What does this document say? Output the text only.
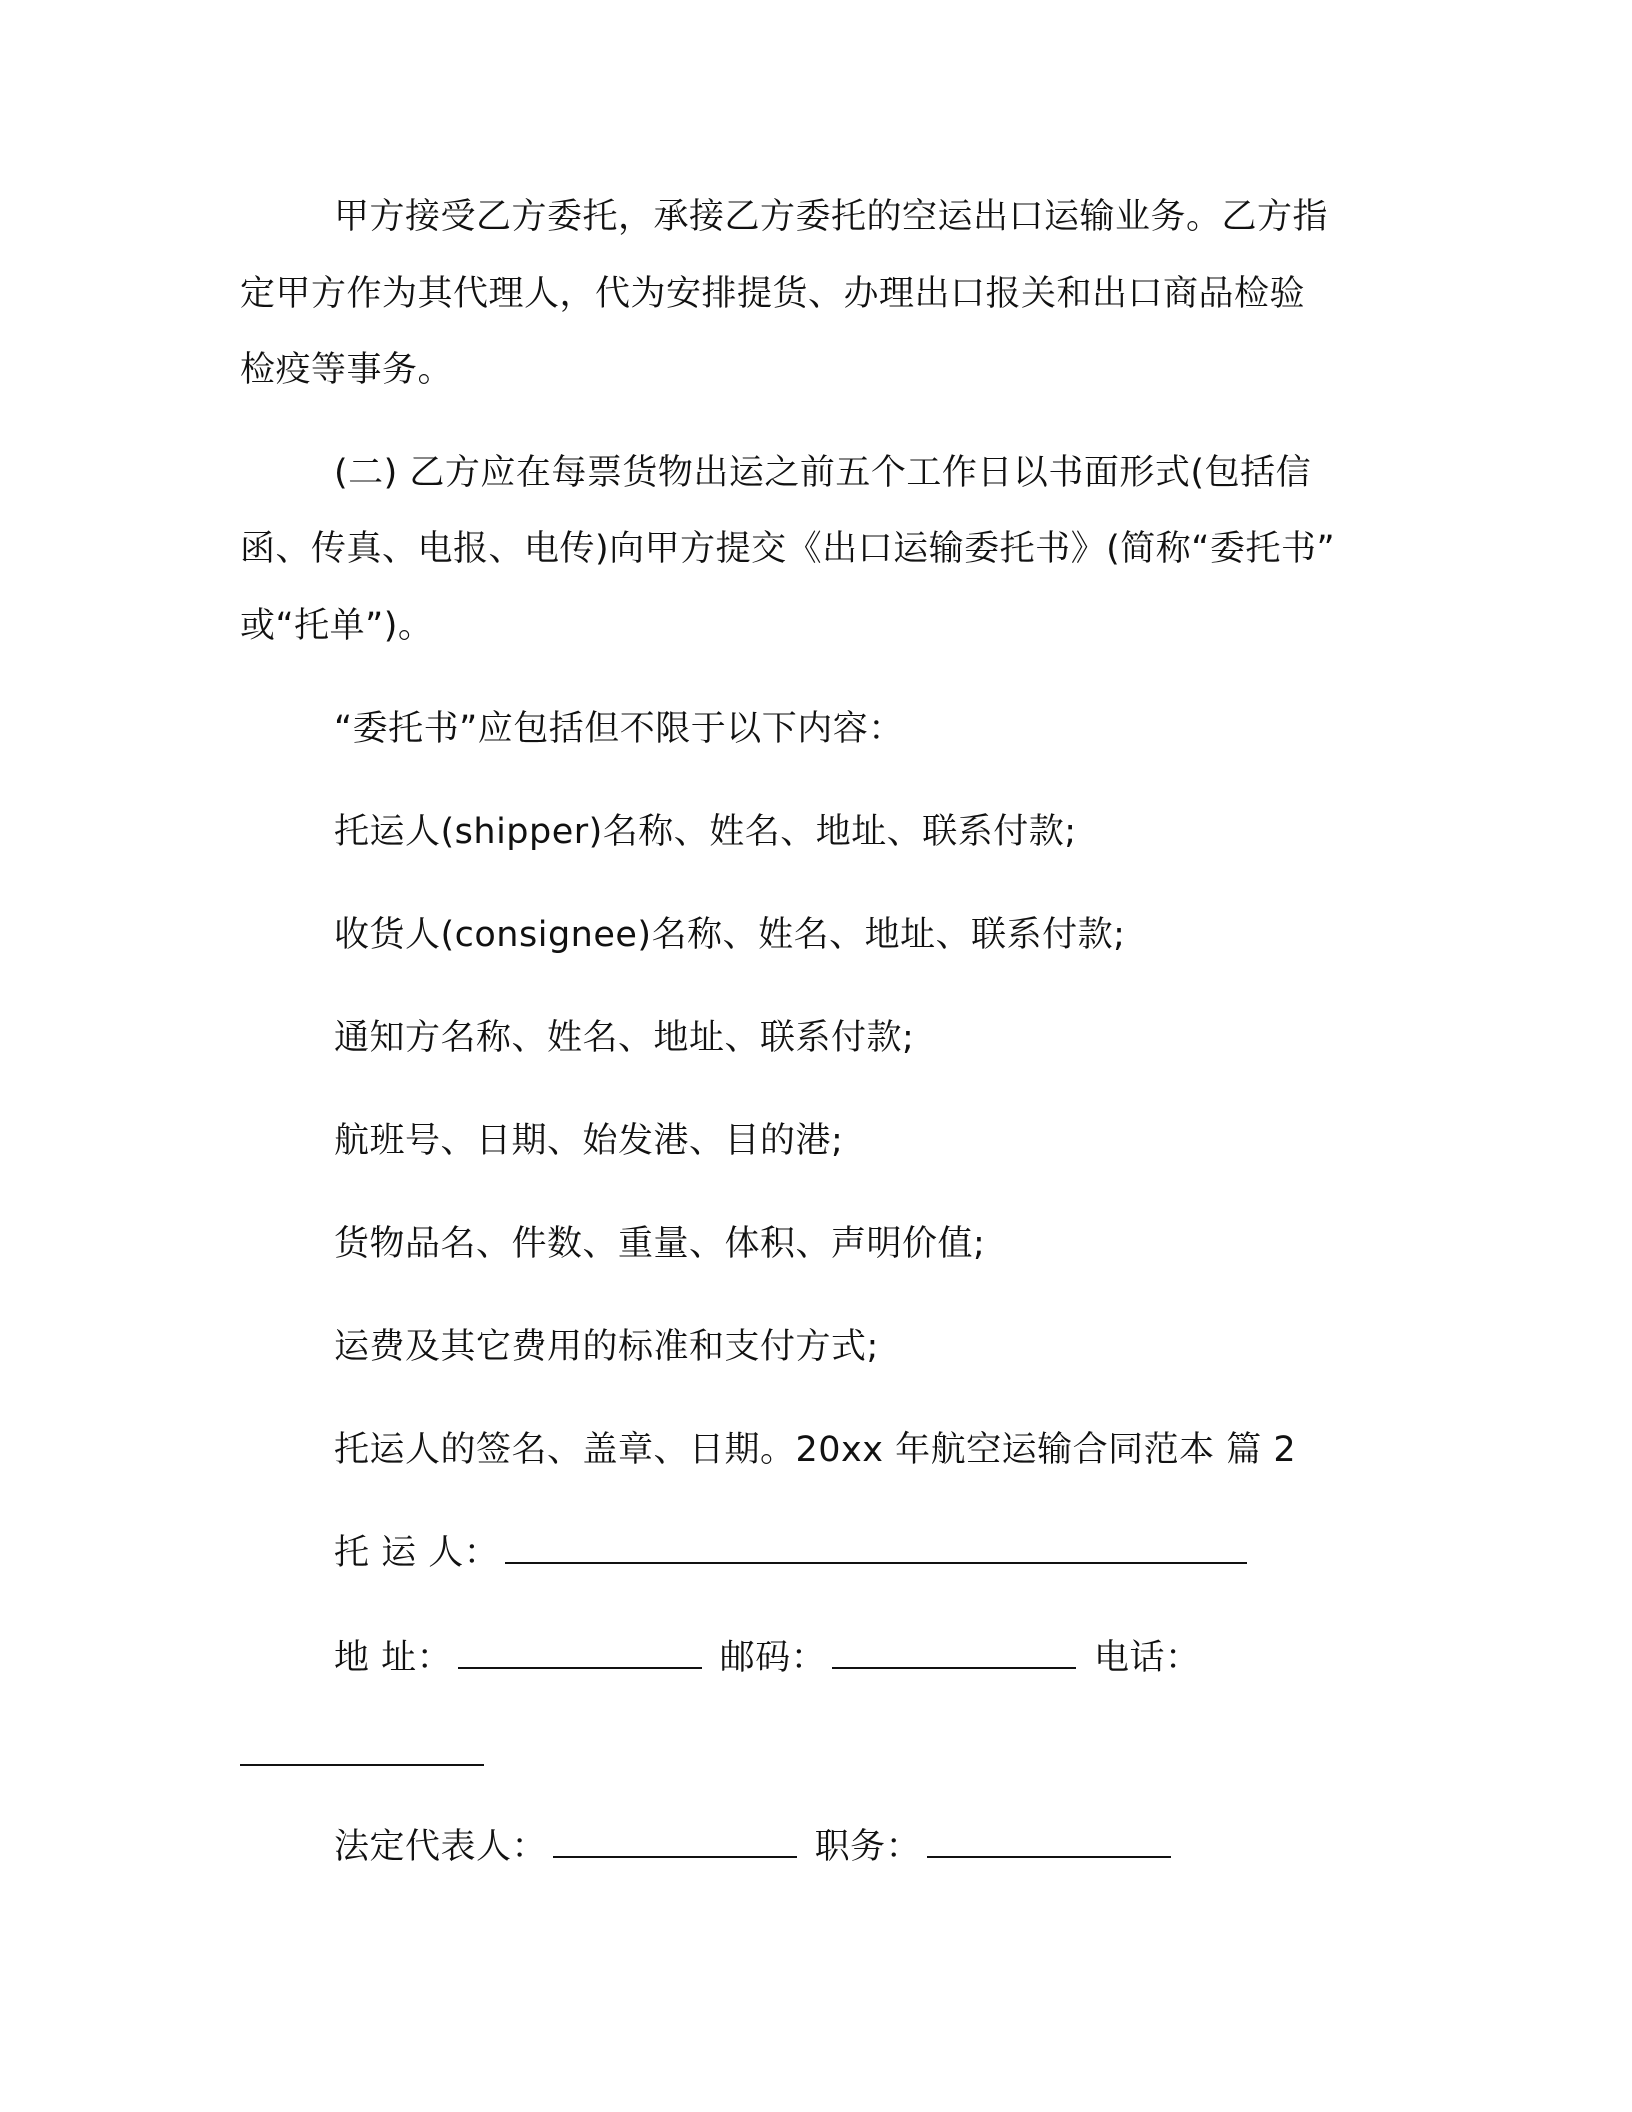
甲方接受乙方委托，承接乙方委托的空运出口运输业务。乙方指
定甲方作为其代理人，代为安排提货、办理出口报关和出口商品检验
检疫等事务。
(二) 乙方应在每票货物出运之前五个工作日以书面形式(包括信
函、传真、电报、电传)向甲方提交《出口运输委托书》(简称“委托书”
或“托单”)。
“委托书”应包括但不限于以下内容：
托运人(shipper)名称、姓名、地址、联系付款;
收货人(consignee)名称、姓名、地址、联系付款;
通知方名称、姓名、地址、联系付款;
航班号、日期、始发港、目的港;
货物品名、件数、重量、体积、声明价值;
运费及其它费用的标准和支付方式;
托运人的签名、盖章、日期。20xx 年航空运输合同范本 篇 2
托 运 人：
地 址：	邮码：	电话：
法定代表人：	职务：
